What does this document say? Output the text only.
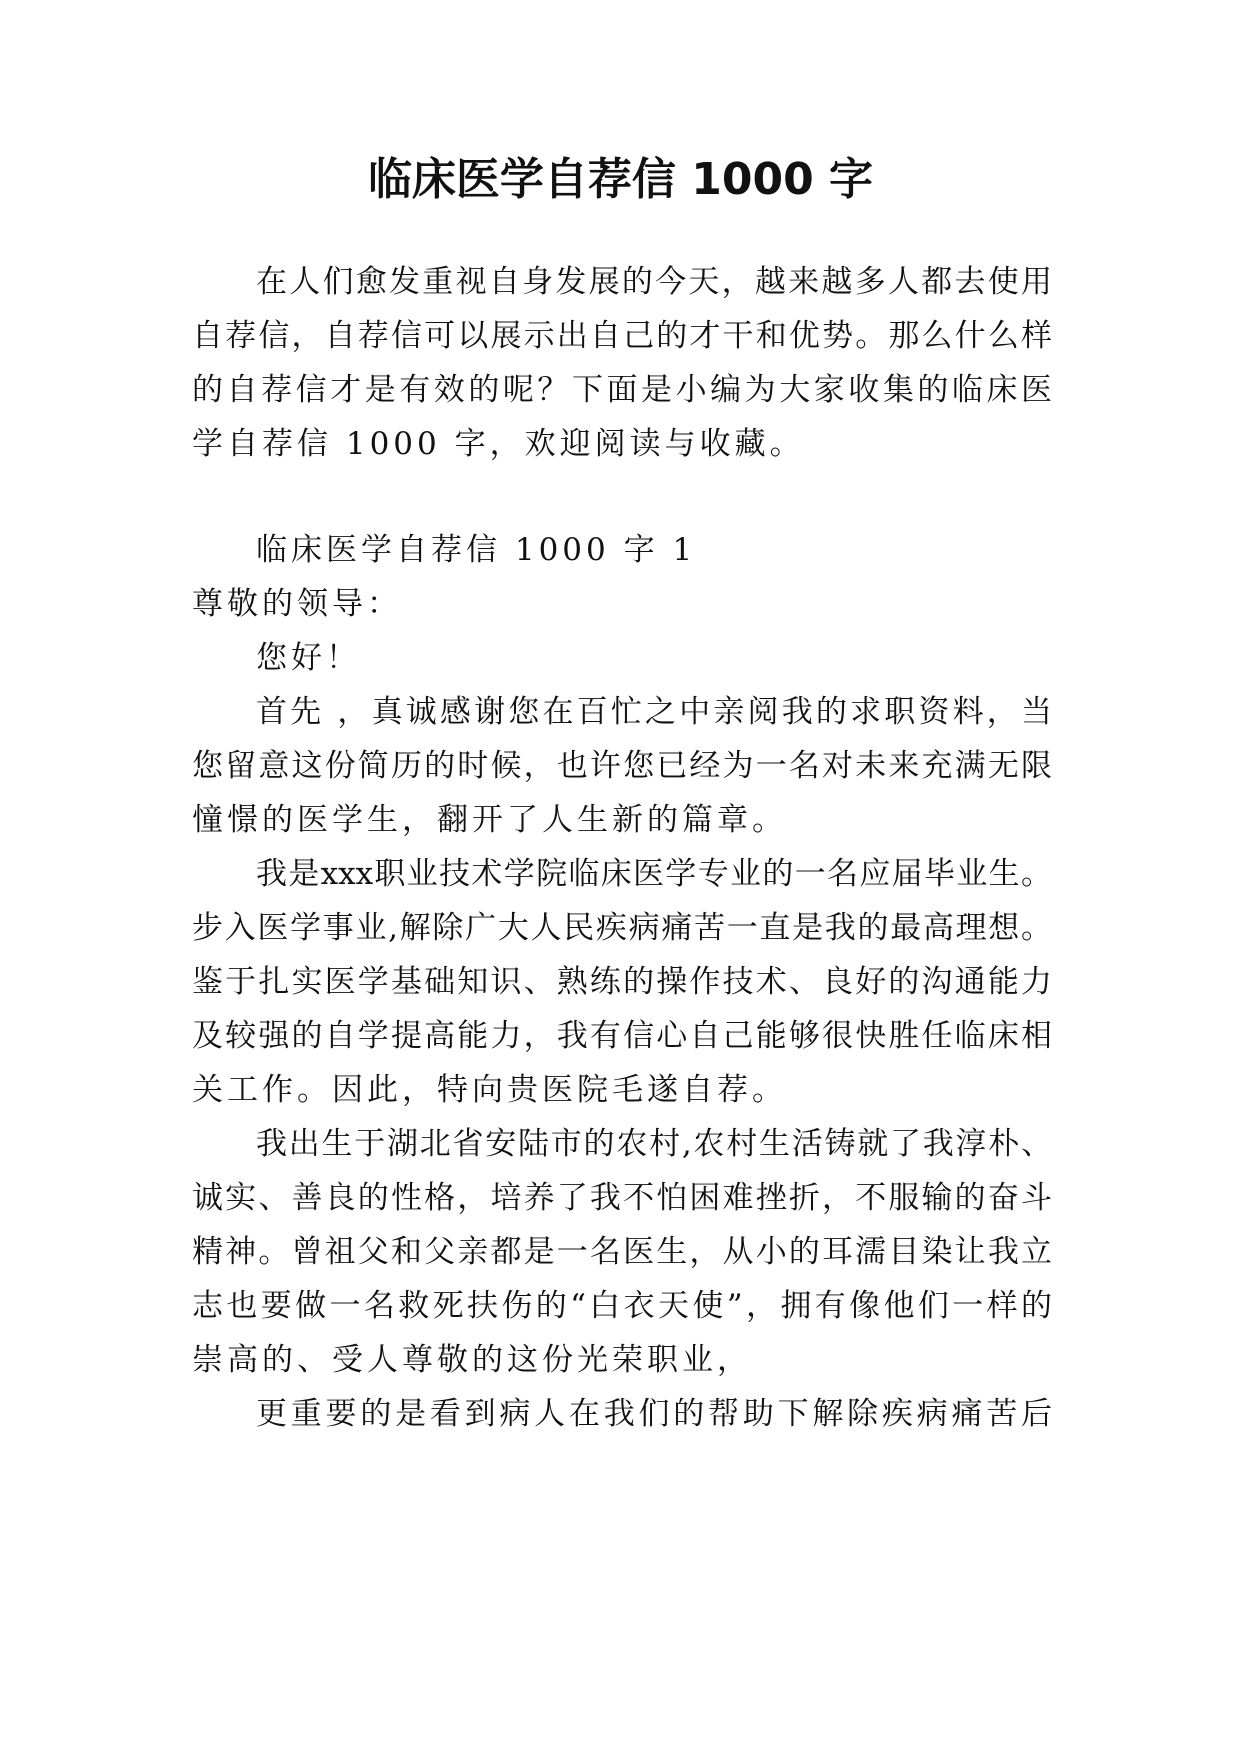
临床医学自荐信 1000 字

在人们愈发重视自身发展的今天，越来越多人都去使用

自荐信，自荐信可以展示出自己的才干和优势。那么什么样

的自荐信才是有效的呢？下面是小编为大家收集的临床医

学自荐信 1000 字，欢迎阅读与收藏。

临床医学自荐信 1000 字 1

尊敬的领导：

您好！

首先 ，真诚感谢您在百忙之中亲阅我的求职资料，当

您留意这份简历的时候，也许您已经为一名对未来充满无限

憧憬的医学生，翻开了人生新的篇章。

我是xxx职业技术学院临床医学专业的一名应届毕业生。

步入医学事业,解除广大人民疾病痛苦一直是我的最高理想。

鉴于扎实医学基础知识、熟练的操作技术、良好的沟通能力

及较强的自学提高能力，我有信心自己能够很快胜任临床相

关工作。因此，特向贵医院毛遂自荐。

我出生于湖北省安陆市的农村,农村生活铸就了我淳朴、

诚实、善良的性格，培养了我不怕困难挫折，不服输的奋斗

精神。曾祖父和父亲都是一名医生，从小的耳濡目染让我立

志也要做一名救死扶伤的“白衣天使”，拥有像他们一样的

崇高的、受人尊敬的这份光荣职业，

更重要的是看到病人在我们的帮助下解除疾病痛苦后
